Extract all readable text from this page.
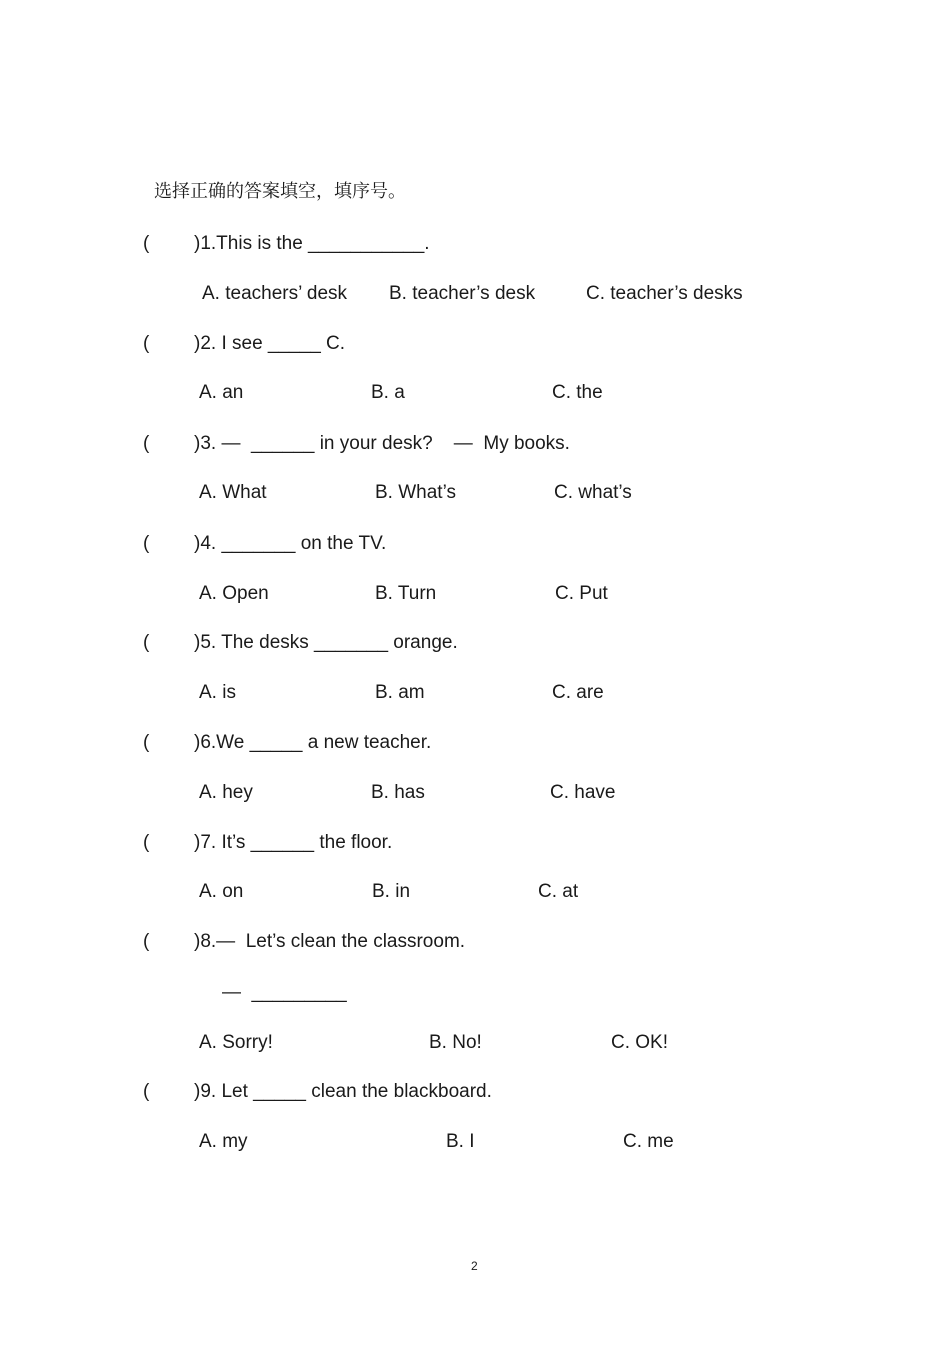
选择正确的答案填空，填序号。
( )1.This is the ___________.
A. teachers’ desk B. teacher’s desk	C. teacher’s desks
( )2. I see _____ C.
A. an	B. a	C. the
( )3. —  ______ in your desk?    —  My books.
A. What	B. What’s	C. what’s
( )4. _______ on the TV.
A. Open	B. Turn	C. Put
( )5. The desks _______ orange.
A. is	B. am	C. are
( )6.We _____ a new teacher.
A. hey	B. has	C. have
( )7. It’s ______ the floor.
A. on	B. in	C. at
( )8.—  Let’s clean the classroom.
—  _________
A. Sorry!	B. No!	C. OK!
( )9. Let _____ clean the blackboard.
A. my	B. I	C. me
2
